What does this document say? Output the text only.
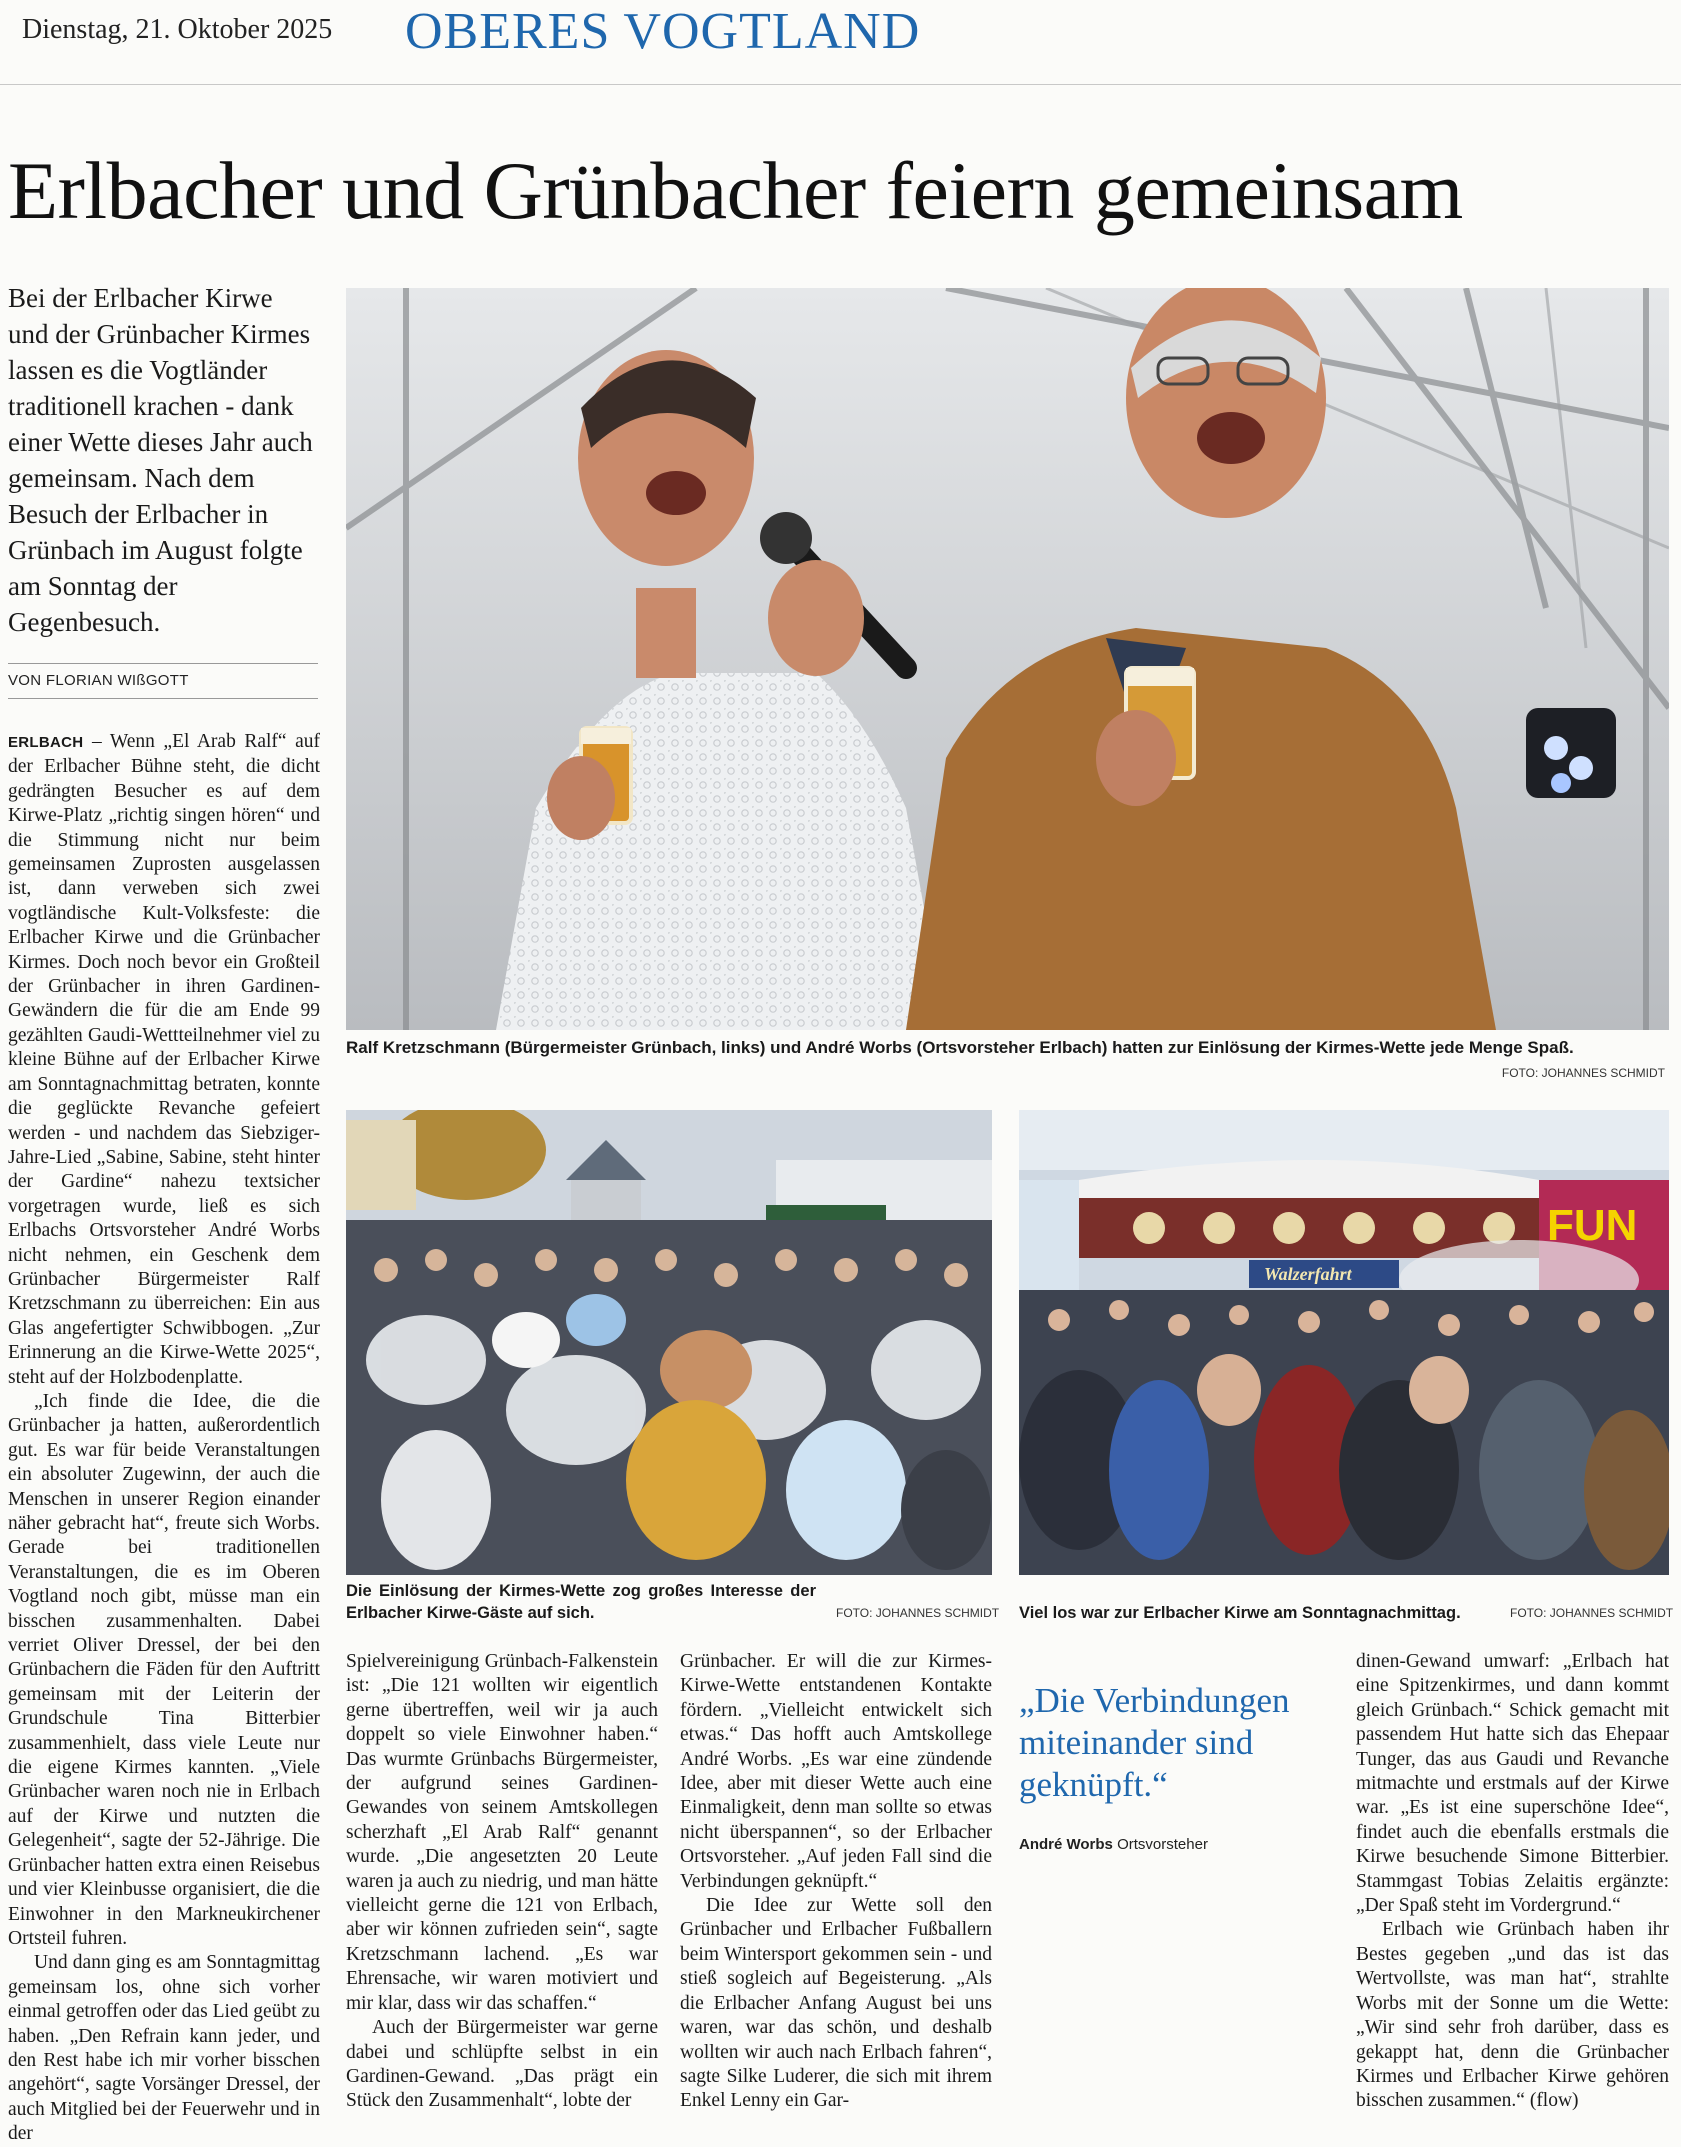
Dienstag, 21. Oktober 2025 OBERES VOGTLAND
Erlbacher und Grünbacher feiern gemeinsam
Bei der Erlbacher Kirwe und der Grünbacher Kirmes lassen es die Vogtländer traditionell krachen - dank einer Wette dieses Jahr auch gemeinsam. Nach dem Besuch der Erlbacher in Grünbach im August folgte am Sonntag der Gegenbesuch.
VON FLORIAN WIßGOTT
Ralf Kretzschmann (Bürgermeister Grünbach, links) und André Worbs (Ortsvorsteher Erlbach) hatten zur Einlösung der Kirmes-Wette jede Menge Spaß.
FOTO: JOHANNES SCHMIDT
Die Einlösung der Kirmes-Wette zog großes Interesse der Erlbacher Kirwe-Gäste auf sich.	FOTO: JOHANNES SCHMIDT
Walzerfahrt
FUN
Viel los war zur Erlbacher Kirwe am Sonntagnachmittag.	FOTO: JOHANNES SCHMIDT

ERLBACH – Wenn „El Arab Ralf“ auf der Erlbacher Bühne steht, die dicht gedrängten Besucher es auf dem Kirwe-Platz „richtig singen hören“ und die Stimmung nicht nur beim gemeinsamen Zuprosten ausgelassen ist, dann verweben sich zwei vogtländische Kult-Volksfeste: die Erlbacher Kirwe und die Grünbacher Kirmes. Doch noch bevor ein Großteil der Grünbacher in ihren Gardinen-Gewändern die für die am Ende 99 gezählten Gaudi-Wettteilnehmer viel zu kleine Bühne auf der Erlbacher Kirwe am Sonntagnachmittag betraten, konnte die geglückte Revanche gefeiert werden - und nachdem das Siebziger-Jahre-Lied „Sabine, Sabine, steht hinter der Gardine“ nahezu textsicher vorgetragen wurde, ließ es sich Erlbachs Ortsvorsteher André Worbs nicht nehmen, ein Geschenk dem Grünbacher Bürgermeister Ralf Kretzschmann zu überreichen: Ein aus Glas angefertigter Schwibbogen. „Zur Erinnerung an die Kirwe-Wette 2025“, steht auf der Holzbodenplatte.

„Ich finde die Idee, die die Grünbacher ja hatten, außerordentlich gut. Es war für beide Veranstaltungen ein absoluter Zugewinn, der auch die Menschen in unserer Region einander näher gebracht hat“, freute sich Worbs. Gerade bei traditionellen Veranstaltungen, die es im Oberen Vogtland noch gibt, müsse man ein bisschen zusammenhalten. Dabei verriet Oliver Dressel, der bei den Grünbachern die Fäden für den Auftritt gemeinsam mit der Leiterin der Grundschule Tina Bitterbier zusammenhielt, dass viele Leute nur die eigene Kirmes kannten. „Viele Grünbacher waren noch nie in Erlbach auf der Kirwe und nutzten die Gelegenheit“, sagte der 52-Jährige. Die Grünbacher hatten extra einen Reisebus und vier Kleinbusse organisiert, die die Einwohner in den Markneukirchener Ortsteil fuhren.

Und dann ging es am Sonntagmittag gemeinsam los, ohne sich vorher einmal getroffen oder das Lied geübt zu haben. „Den Refrain kann jeder, und den Rest habe ich mir vorher bisschen angehört“, sagte Vorsänger Dressel, der auch Mitglied bei der Feuerwehr und in der

Spielvereinigung Grünbach-Falkenstein ist: „Die 121 wollten wir eigentlich gerne übertreffen, weil wir ja auch doppelt so viele Einwohner haben.“ Das wurmte Grünbachs Bürgermeister, der aufgrund seines Gardinen-Gewandes von seinem Amtskollegen scherzhaft „El Arab Ralf“ genannt wurde. „Die angesetzten 20 Leute waren ja auch zu niedrig, und man hätte vielleicht gerne die 121 von Erlbach, aber wir können zufrieden sein“, sagte Kretzschmann lachend. „Es war Ehrensache, wir waren motiviert und mir klar, dass wir das schaffen.“

Auch der Bürgermeister war gerne dabei und schlüpfte selbst in ein Gardinen-Gewand. „Das prägt ein Stück den Zusammenhalt“, lobte der

Grünbacher. Er will die zur Kirmes-Kirwe-Wette entstandenen Kontakte fördern. „Vielleicht entwickelt sich etwas.“ Das hofft auch Amtskollege André Worbs. „Es war eine zündende Idee, aber mit dieser Wette auch eine Einmaligkeit, denn man sollte so etwas nicht überspannen“, so der Erlbacher Ortsvorsteher. „Auf jeden Fall sind die Verbindungen geknüpft.“

Die Idee zur Wette soll den Grünbacher und Erlbacher Fußballern beim Wintersport gekommen sein - und stieß sogleich auf Begeisterung. „Als die Erlbacher Anfang August bei uns waren, war das schön, und deshalb wollten wir auch nach Erlbach fahren“, sagte Silke Luderer, die sich mit ihrem Enkel Lenny ein Gar-

„Die Verbindungen miteinander sind geknüpft.“
André Worbs Ortsvorsteher

dinen-Gewand umwarf: „Erlbach hat eine Spitzenkirmes, und dann kommt gleich Grünbach.“ Schick gemacht mit passendem Hut hatte sich das Ehepaar Tunger, das aus Gaudi und Revanche mitmachte und erstmals auf der Kirwe war. „Es ist eine superschöne Idee“, findet auch die ebenfalls erstmals die Kirwe besuchende Simone Bitterbier. Stammgast Tobias Zelaitis ergänzte: „Der Spaß steht im Vordergrund.“

Erlbach wie Grünbach haben ihr Bestes gegeben „und das ist das Wertvollste, was man hat“, strahlte Worbs mit der Sonne um die Wette: „Wir sind sehr froh darüber, dass es gekappt hat, denn die Grünbacher Kirmes und Erlbacher Kirwe gehören bisschen zusammen.“ (flow)
